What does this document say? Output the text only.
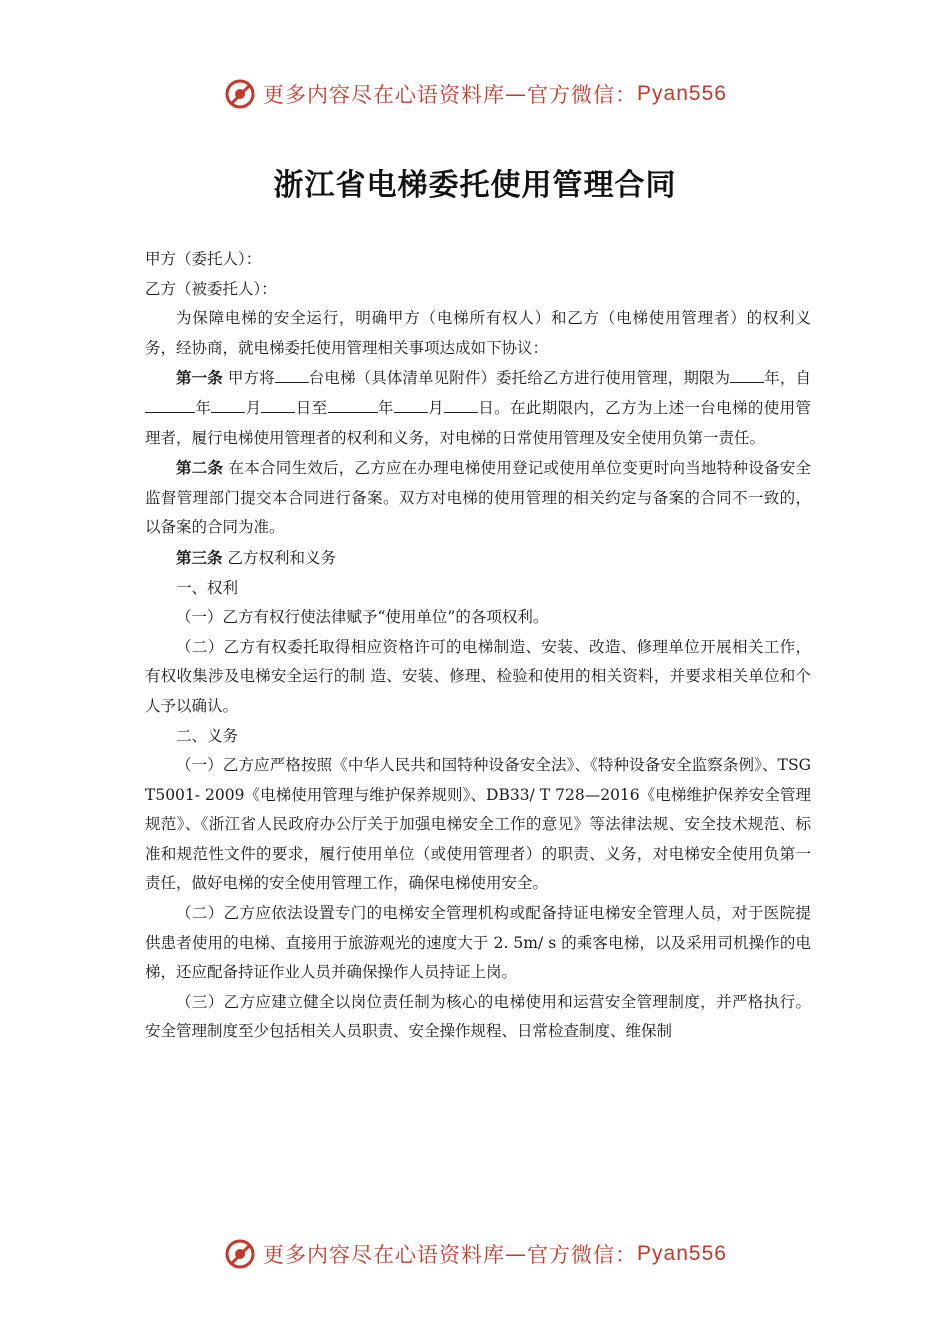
更多内容尽在心语资料库 — 官方微信： Pyan556
浙江省电梯委托使用管理合同

甲方（委托人）：

乙方（被委托人）：

为保障电梯的安全运行，明确甲方（电梯所有权人）和乙方（电梯使用管理者）的权利义务，经协商，就电梯委托使用管理相关事项达成如下协议：

第一条 甲方将 台电梯（具体清单见附件）委托给乙方进行使用管理，期限为 年，自年 月 日至	年 月 日。在此期限内，乙方为上述一台电梯的使用管理者，履行电梯使用管理者的权利和义务，对电梯的日常使用管理及安全使用负第一责任。

第二条 在本合同生效后，乙方应在办理电梯使用登记或使用单位变更时向当地特种设备安全监督管理部门提交本合同进行备案。双方对电梯的使用管理的相关约定与备案的合同不一致的，以备案的合同为准。

第三条 乙方权利和义务

一、权利

（一）乙方有权行使法律赋予“使用单位”的各项权利。

（二）乙方有权委托取得相应资格许可的电梯制造、安装、改造、修理单位开展相关工作，有权收集涉及电梯安全运行的制 造、安装、修理、检验和使用的相关资料，并要求相关单位和个人予以确认。

二、义务

（一）乙方应严格按照《中华人民共和国特种设备安全法》、《特种设备安全监察条例》、TSG T5001- 2009《电梯使用管理与维护保养规则》、DB33/ T 728—2016《电梯维护保养安全管理规范》、《浙江省人民政府办公厅关于加强电梯安全工作的意见》等法律法规、安全技术规范、标准和规范性文件的要求，履行使用单位（或使用管理者）的职责、义务，对电梯安全使用负第一责任，做好电梯的安全使用管理工作，确保电梯使用安全。

（二）乙方应依法设置专门的电梯安全管理机构或配备持证电梯安全管理人员，对于医院提供患者使用的电梯、直接用于旅游观光的速度大于 2. 5m/ s 的乘客电梯，以及采用司机操作的电梯，还应配备持证作业人员并确保操作人员持证上岗。

（三）乙方应建立健全以岗位责任制为核心的电梯使用和运营安全管理制度，并严格执行。安全管理制度至少包括相关人员职责、安全操作规程、日常检查制度、维保制

更多内容尽在心语资料库 — 官方微信： Pyan556
